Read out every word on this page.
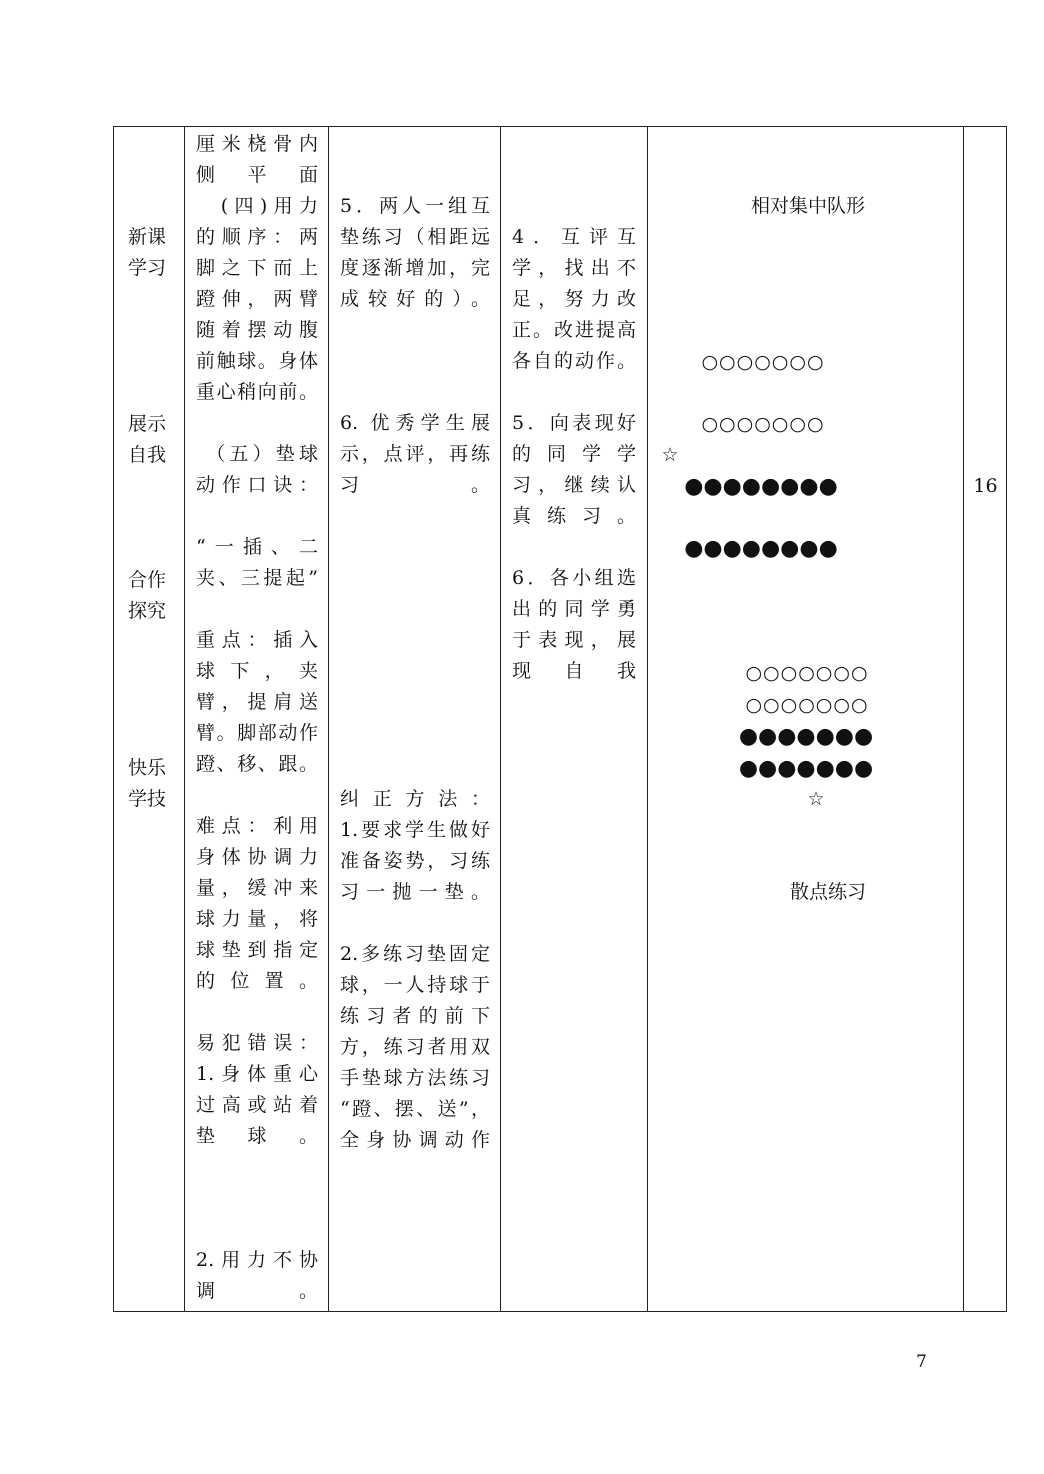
新课
学习
展示
自我
合作
探究
快乐
学技
厘米桡骨内
侧平面
(四)用力
的顺序：两
脚之下而上
蹬伸，两臂
随着摆动腹
前触球。身体
重心稍向前。
（五）垫球
动作口诀：
“一插、二
夹、三提起”
重点：插入
球下，夹
臂，提肩送
臂。脚部动作
蹬、移、跟。
难点：利用
身体协调力
量，缓冲来
球力量，将
球垫到指定
的位置。
易犯错误：
1.身体重心
过高或站着
垫球。
2.用力不协
调。
5．两人一组互
垫练习（相距远
度逐渐增加，完
成较好的）。
6. 优秀学生展
示，点评，再练
习。
纠正方法：
1.要求学生做好
准备姿势，习练
习一抛一垫。
2.多练习垫固定
球，一人持球于
练习者的前下
方，练习者用双
手垫球方法练习
“蹬、摆、送”，
全身协调动作
4．互评互
学，找出不
足，努力改
正。改进提高
各自的动作。
5．向表现好
的同学学
习，继续认
真练习。
6．各小组选
出的同学勇
于表现，展
现自我
相对集中队形
○○○○○○○
○○○○○○○
☆
●●●●●●●●
●●●●●●●●
○○○○○○○
○○○○○○○
●●●●●●●
●●●●●●●
☆
散点练习
16
7
